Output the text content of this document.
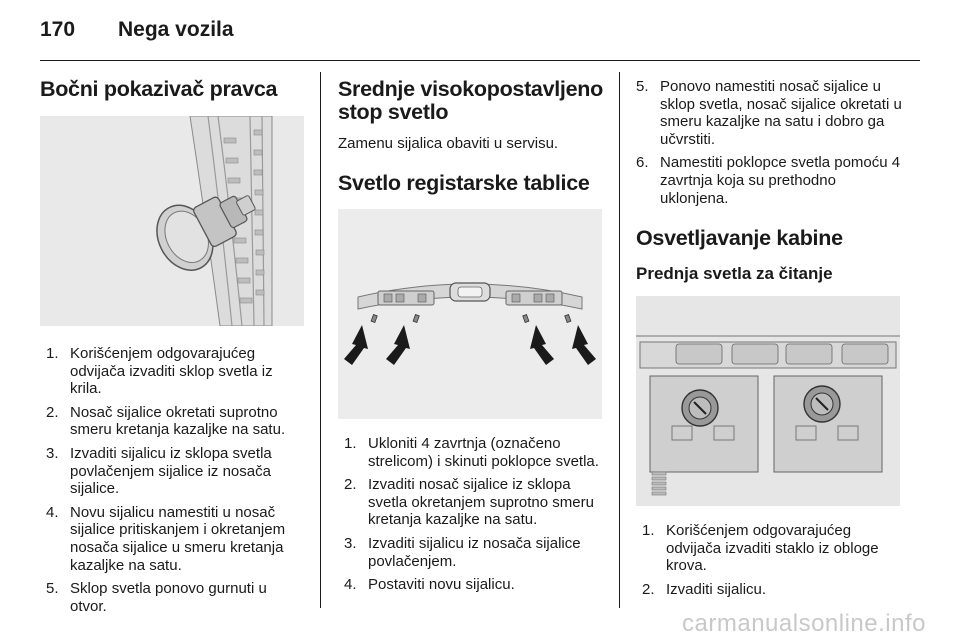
170 Nega vozila
Bočni pokazivač pravca
1. Korišćenjem odgovarajućeg odvijača izvaditi sklop svetla iz krila.
2. Nosač sijalice okretati suprotno smeru kretanja kazaljke na satu.
3. Izvaditi sijalicu iz sklopa svetla povlačenjem sijalice iz nosača sijalice.
4. Novu sijalicu namestiti u nosač sijalice pritiskanjem i okretanjem nosača sijalice u smeru kretanja kazaljke na satu.
5. Sklop svetla ponovo gurnuti u otvor.
Srednje visokopostavljeno stop svetlo

Zamenu sijalica obaviti u servisu.

Svetlo registarske tablice
1. Ukloniti 4 zavrtnja (označeno strelicom) i skinuti poklopce svetla.
2. Izvaditi nosač sijalice iz sklopa svetla okretanjem suprotno smeru kretanja kazaljke na satu.
3. Izvaditi sijalicu iz nosača sijalice povlačenjem.
4. Postaviti novu sijalicu.
5. Ponovo namestiti nosač sijalice u sklop svetla, nosač sijalice okretati u smeru kazaljke na satu i dobro ga učvrstiti.
6. Namestiti poklopce svetla pomoću 4 zavrtnja koja su prethodno uklonjena.
Osvetljavanje kabine
Prednja svetla za čitanje
1. Korišćenjem odgovarajućeg odvijača izvaditi staklo iz obloge krova.
2. Izvaditi sijalicu.
carmanualsonline.info
